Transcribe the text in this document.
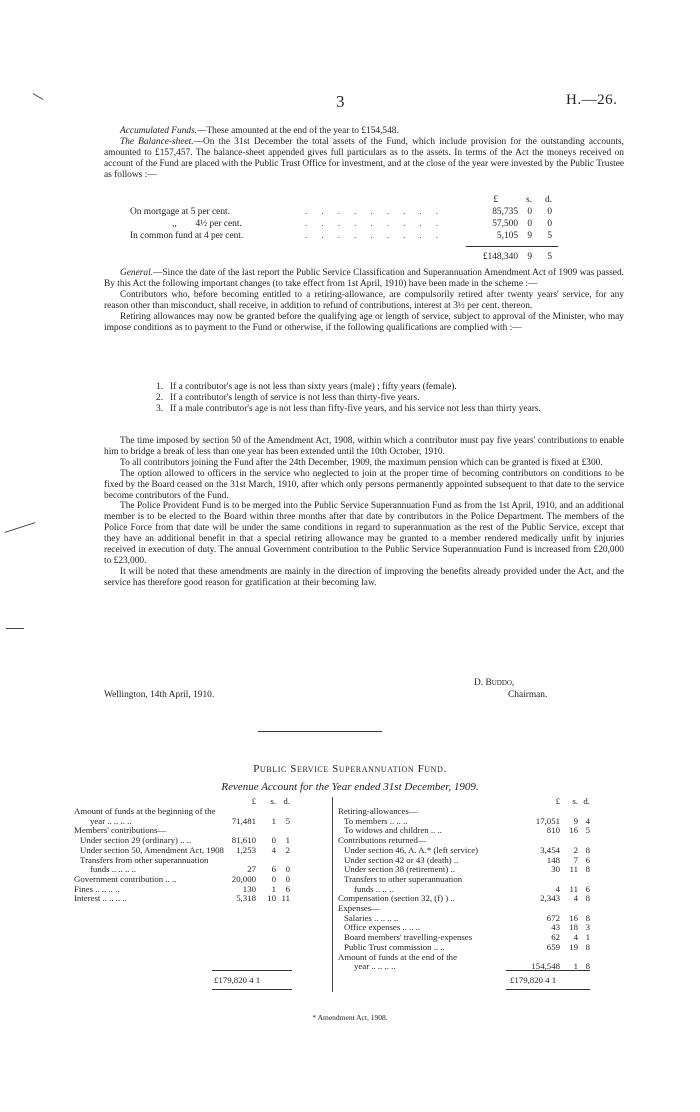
3	H.—26.

Accumulated Funds.—These amounted at the end of the year to £154,548.

The Balance-sheet.—On the 31st December the total assets of the Fund, which include provision for the outstanding accounts, amounted to £157,457. The balance-sheet appended gives full particulars as to the assets. In terms of the Act the moneys received on account of the Fund are placed with the Public Trust Office for investment, and at the close of the year were invested by the Public Trustee as follows :—

£	s.	d.
On mortgage at 5 per cent.	.........	85,735 0	0
,,        4½ per cent.	.........	57,500 0	0
In common fund at 4 per cent.	.........	5,105 9	5
£148,340 9	5

General.—Since the date of the last report the Public Service Classification and Superannuation Amendment Act of 1909 was passed. By this Act the following important changes (to take effect from 1st April, 1910) have been made in the scheme :—

Contributors who, before becoming entitled to a retiring-allowance, are compulsorily retired after twenty years' service, for any reason other than misconduct, shall receive, in addition to refund of contributions, interest at 3½ per cent. thereon.

Retiring allowances may now be granted before the qualifying age or length of service, subject to approval of the Minister, who may impose conditions as to payment to the Fund or otherwise, if the following qualifications are complied with :—

1. If a contributor's age is not less than sixty years (male) ; fifty years (female).
2. If a contributor's length of service is not less than thirty-five years.
3. If a male contributor's age is not less than fifty-five years, and his service not less than thirty years.

The time imposed by section 50 of the Amendment Act, 1908, within which a contributor must pay five years' contributions to enable him to bridge a break of less than one year has been extended until the 10th October, 1910.

To all contributors joining the Fund after the 24th December, 1909, the maximum pension which can be granted is fixed at £300.

The option allowed to officers in the service who neglected to join at the proper time of becoming contributors on conditions to be fixed by the Board ceased on the 31st March, 1910, after which only persons permanently appointed subsequent to that date to the service become contributors of the Fund.

The Police Provident Fund is to be merged into the Public Service Superannuation Fund as from the 1st April, 1910, and an additional member is to be elected to the Board within three months after that date by contributors in the Police Department. The members of the Police Force from that date will be under the same conditions in regard to superannuation as the rest of the Public Service, except that they have an additional benefit in that a special retiring allowance may be granted to a member rendered medically unfit by injuries received in execution of duty. The annual Government contribution to the Public Service Superannuation Fund is increased from £20,000 to £23,000.

It will be noted that these amendments are mainly in the direction of improving the benefits already provided under the Act, and the service has therefore good reason for gratification at their becoming law.

D. Buddo,
Wellington, 14th April, 1910.	Chairman.
Public Service Superannuation Fund.
Revenue Account for the Year ended 31st December, 1909.
£	s. d.
Amount of funds at the beginning of the
year .. .. .. ..	71,481	1	5
Members' contributions—
Under section 29 (ordinary) .. ..	81,610	0	1
Under section 50, Amendment Act, 1908	1,253	4	2
Transfers from other superannuation
funds .. .. .. ..	27	6	0
Government contribution .. ..	20,000	0	0
Fines .. .. .. ..	130	1	6
Interest .. .. .. ..	5,318	10 11
£	s. d.
Retiring-allowances—
To members .. .. ..	17,051	9 4
To widows and children .. ..	810	16 5
Contributions returned—
Under section 46, A. A.* (left service)	3,454	2 8
Under section 42 or 43 (death) ..	148	7 6
Under section 38 (retirement) ..	30	11 8
Transfers to other superannuation
funds .. .. ..	4	11 6
Compensation (section 32, (f) ) ..	2,343	4 8
Expenses—
Salaries .. .. .. ..	672	16 8
Office expenses .. .. ..	43	18 3
Board members' travelling-expenses	62	4 1
Public Trust commission .. ..	659	19 8
Amount of funds at the end of the
year .. .. .. ..	154,548	1 8
£179,820 4 1	£179,820 4 1
* Amendment Act, 1908.
